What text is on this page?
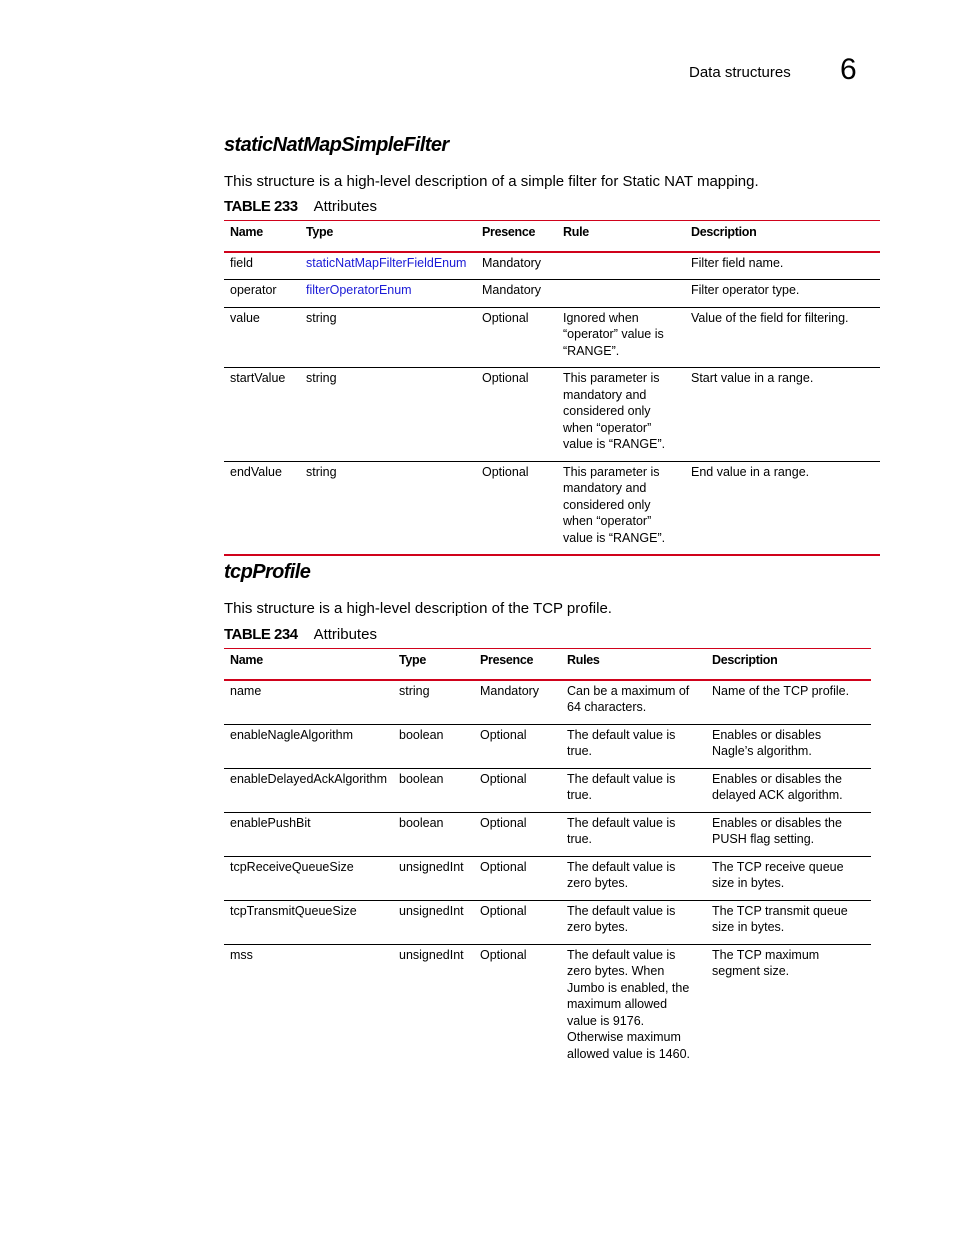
Data structures 6
staticNatMapSimpleFilter

This structure is a high-level description of a simple filter for Static NAT mapping.

TABLE 233 Attributes
Name	Type	Presence	Rule	Description
field	staticNatMapFilterFieldEnum	Mandatory		Filter field name.
operator	filterOperatorEnum	Mandatory		Filter operator type.
value	string	Optional	Ignored when “operator” value is “RANGE”.	Value of the field for filtering.
startValue	string	Optional	This parameter is mandatory and considered only when “operator” value is “RANGE”.	Start value in a range.
endValue	string	Optional	This parameter is mandatory and considered only when “operator” value is “RANGE”.	End value in a range.
tcpProfile

This structure is a high-level description of the TCP profile.

TABLE 234 Attributes
Name	Type	Presence	Rules	Description
name	string	Mandatory	Can be a maximum of 64 characters.	Name of the TCP profile.
enableNagleAlgorithm	boolean	Optional	The default value is true.	Enables or disables Nagle’s algorithm.
enableDelayedAckAlgorithm	boolean	Optional	The default value is true.	Enables or disables the delayed ACK algorithm.
enablePushBit	boolean	Optional	The default value is true.	Enables or disables the PUSH flag setting.
tcpReceiveQueueSize	unsignedInt	Optional	The default value is zero bytes.	The TCP receive queue size in bytes.
tcpTransmitQueueSize	unsignedInt	Optional	The default value is zero bytes.	The TCP transmit queue size in bytes.
mss	unsignedInt	Optional	The default value is zero bytes. When Jumbo is enabled, the maximum allowed value is 9176. Otherwise maximum allowed value is 1460.	The TCP maximum segment size.
